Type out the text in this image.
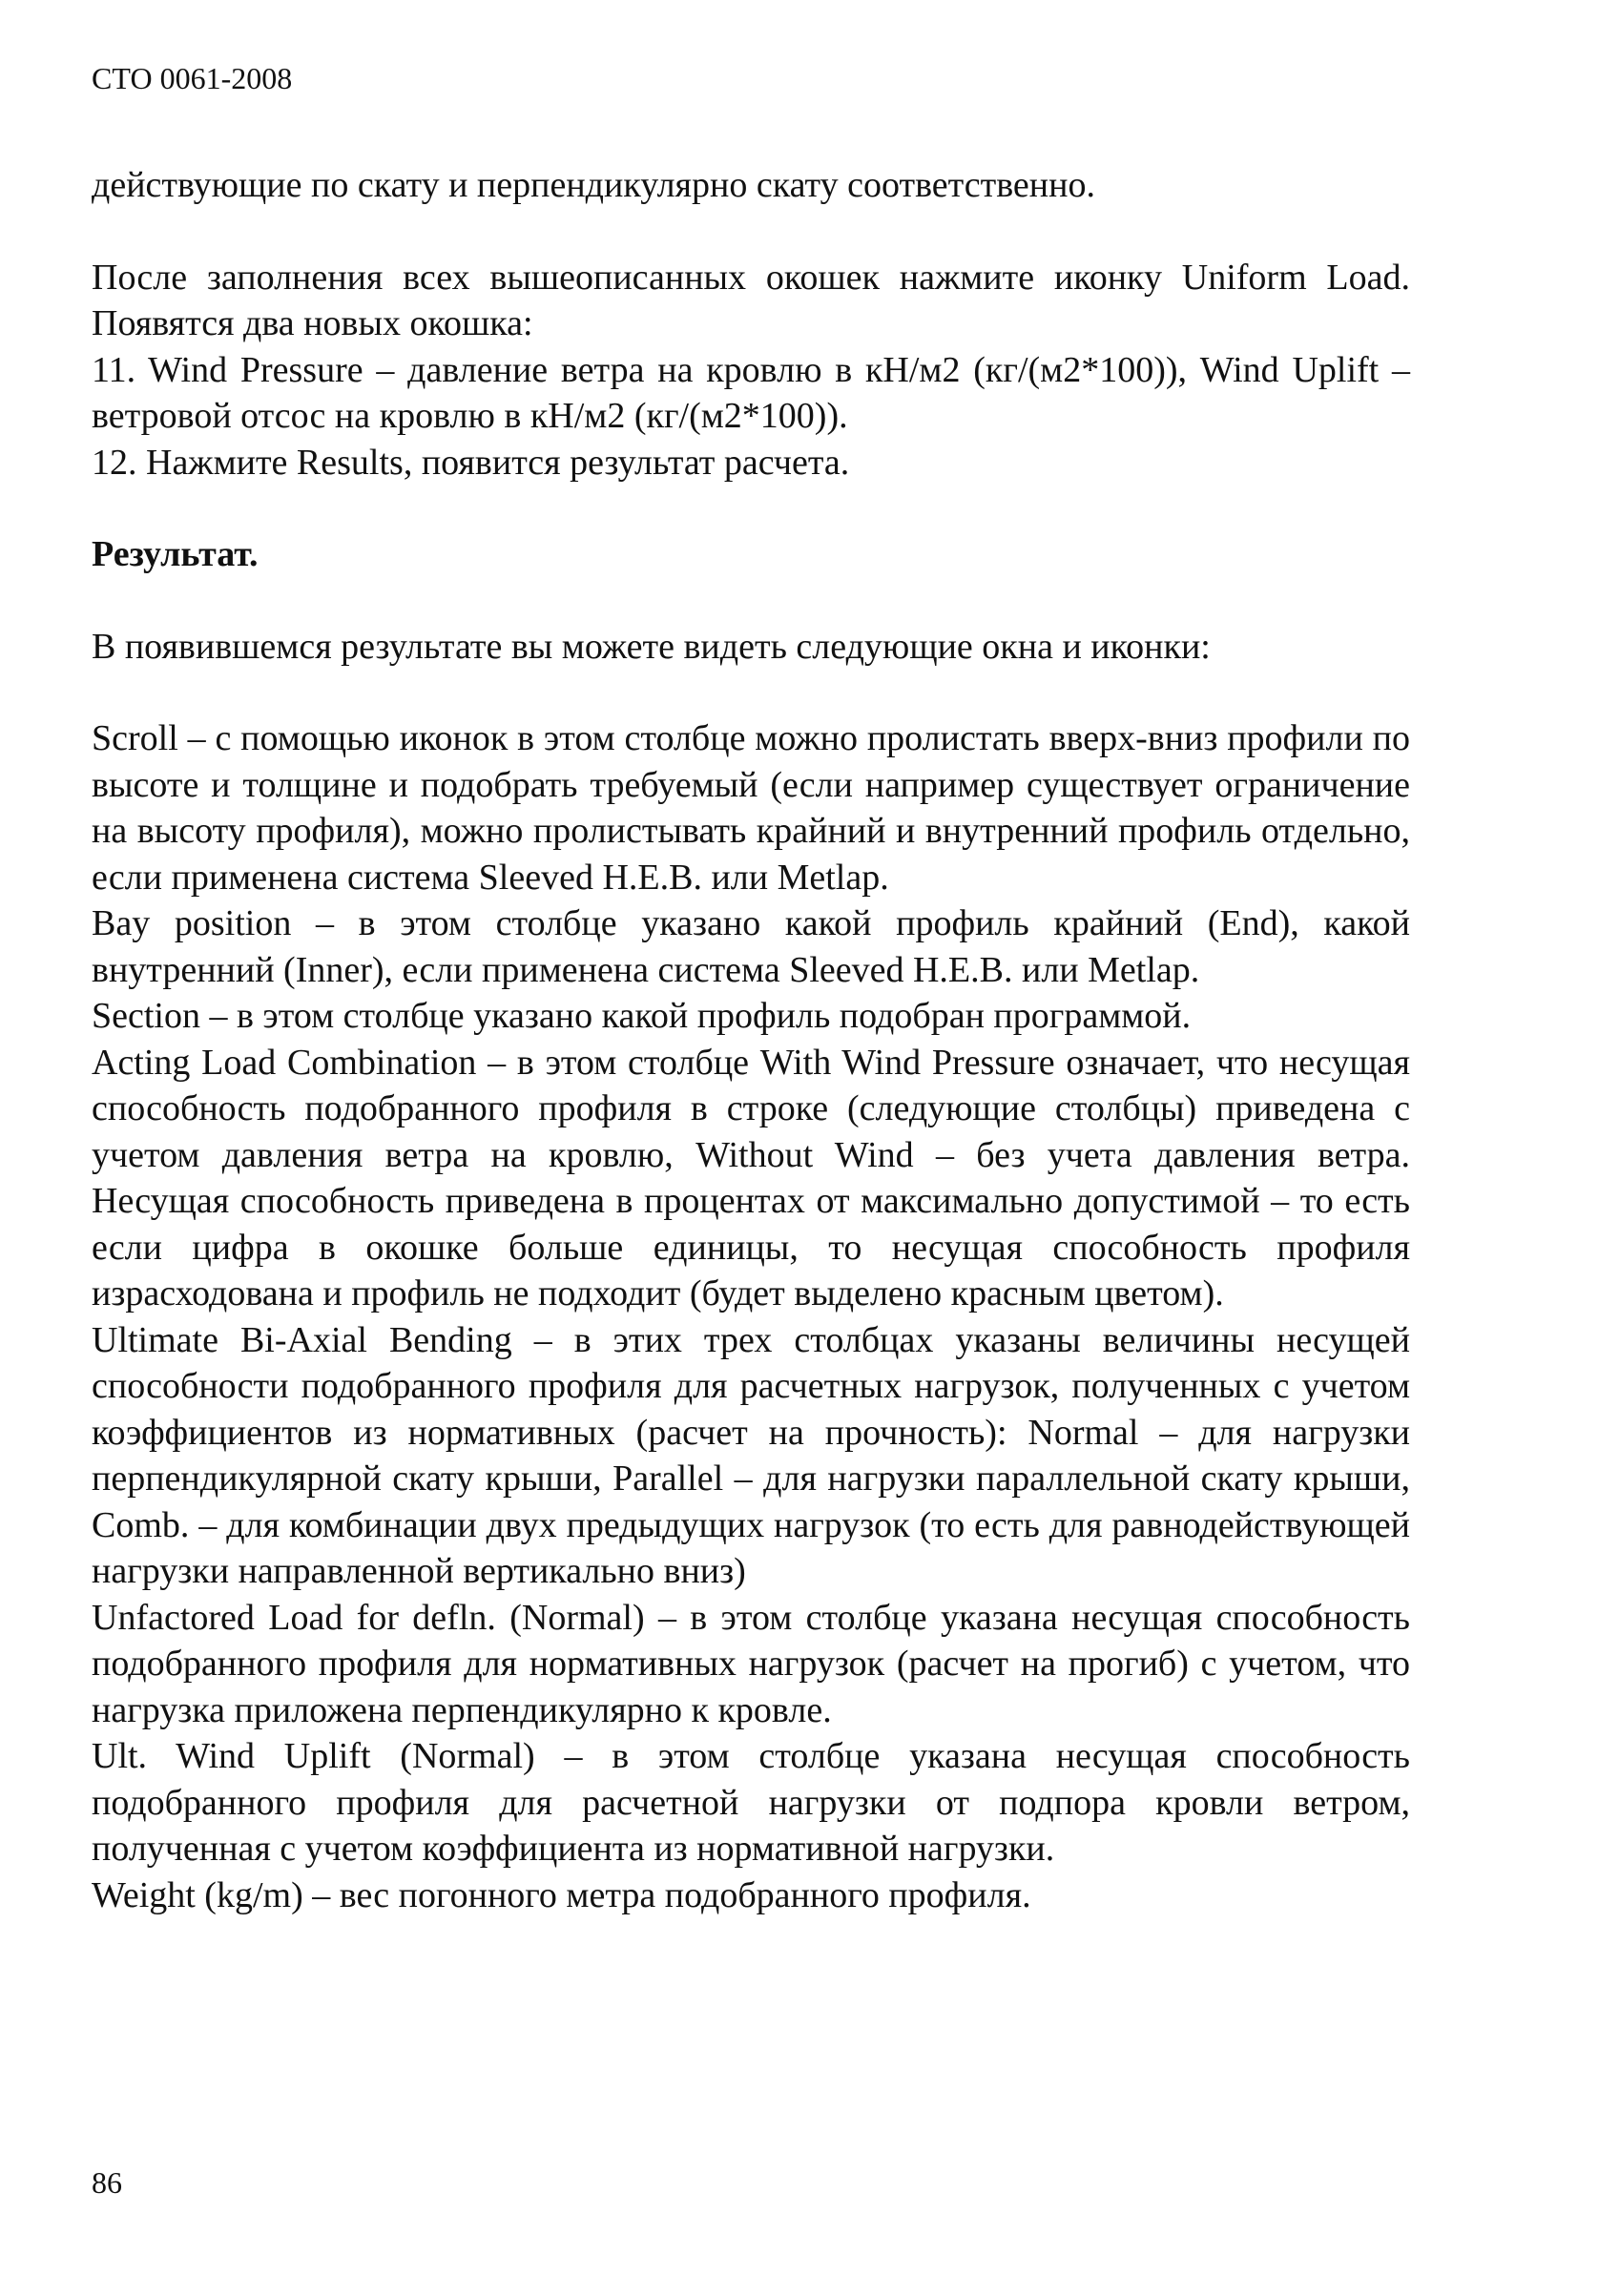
СТО 0061-2008

действующие по скату и перпендикулярно скату соответственно.

После заполнения всех вышеописанных окошек нажмите иконку Uniform Load. Появятся два новых окошка:

11. Wind Pressure – давление ветра на кровлю в кН/м2 (кг/(м2*100)), Wind Uplift – ветровой отсос на кровлю в кН/м2 (кг/(м2*100)).

12. Нажмите Results, появится результат расчета.

Результат.

В появившемся результате вы можете видеть следующие окна и иконки:

Scroll – с помощью иконок в этом столбце можно пролистать вверх-вниз профили по высоте и толщине и подобрать требуемый (если например существует ограничение на высоту профиля), можно пролистывать крайний и внутренний профиль отдельно, если применена система Sleeved H.E.B. или Metlap.

Bay position – в этом столбце указано какой профиль крайний (End), какой внутренний (Inner), если применена система Sleeved H.E.B. или Metlap.

Section – в этом столбце указано какой профиль подобран программой.

Acting Load Combination – в этом столбце With Wind Pressure означает, что несущая способность подобранного профиля в строке (следующие столбцы) приведена с учетом давления ветра на кровлю, Without Wind – без учета давления ветра. Несущая способность приведена в процентах от максимально допустимой – то есть если цифра в окошке больше единицы, то несущая способность профиля израсходована и профиль не подходит (будет выделено красным цветом).

Ultimate Bi-Axial Bending – в этих трех столбцах указаны величины несущей способности подобранного профиля для расчетных нагрузок, полученных с учетом коэффициентов из нормативных (расчет на прочность): Normal – для нагрузки перпендикулярной скату крыши, Parallel – для нагрузки параллельной скату крыши, Comb. – для комбинации двух предыдущих нагрузок (то есть для равнодействующей нагрузки направленной вертикально вниз)

Unfactored Load for defln. (Normal) – в этом столбце указана несущая способность подобранного профиля для нормативных нагрузок (расчет на прогиб) с учетом, что нагрузка приложена перпендикулярно к кровле.

Ult. Wind Uplift (Normal) – в этом столбце указана несущая способность подобранного профиля для расчетной нагрузки от подпора кровли ветром, полученная с учетом коэффициента из нормативной нагрузки.

Weight (kg/m) – вес погонного метра подобранного профиля.

86
